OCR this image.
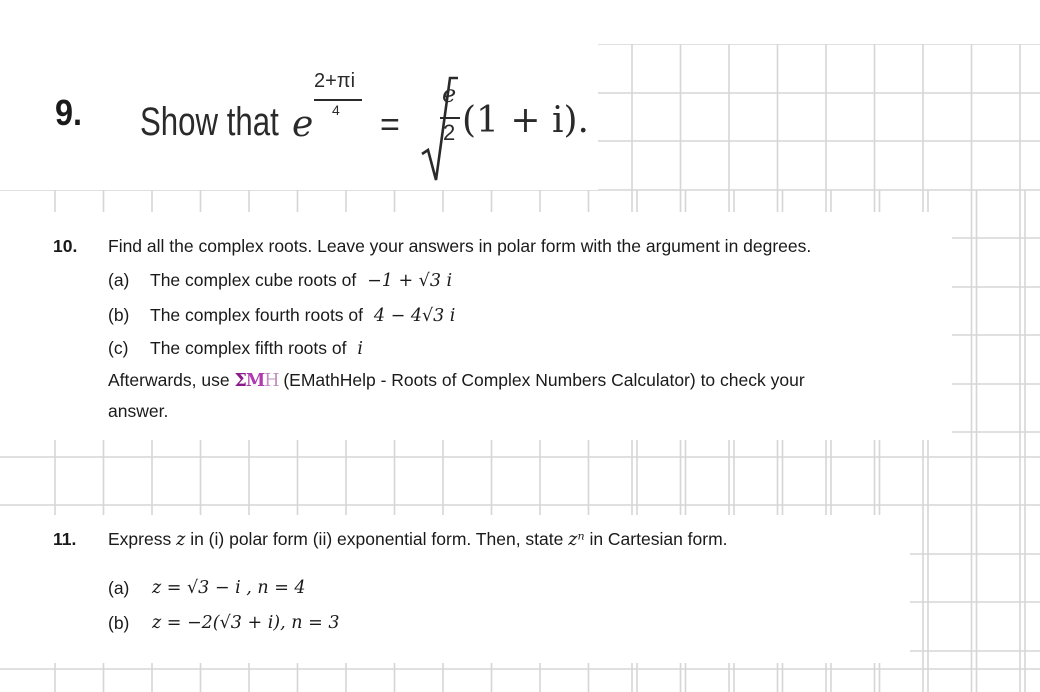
9. Show that e
2+πi
4 =
e
2 (1 + i).
10. Find all the complex roots. Leave your answers in polar form with the argument in degrees.
(a) The complex cube roots of −1 + √3 i
(b) The complex fourth roots of 4 − 4√3 i
(c) The complex fifth roots of i
Afterwards, use ΣMH (EMathHelp - Roots of Complex Numbers Calculator) to check your
answer.
11. Express z in (i) polar form (ii) exponential form. Then, state zⁿ in Cartesian form.
(a) z = √3 − i , n = 4
(b) z = −2(√3 + i), n = 3
